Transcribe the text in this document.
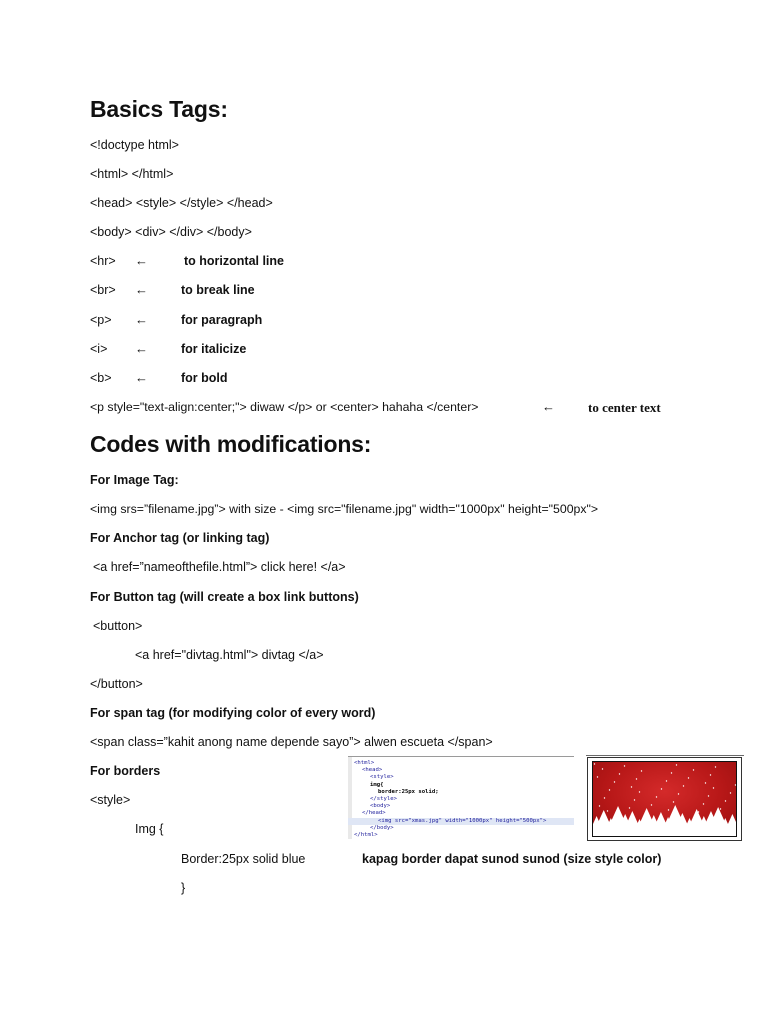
Basics Tags:
<!doctype html>
<html> </html>
<head> <style> </style> </head>
<body> <div> </div> </body>
<hr> ←	to horizontal line
<br> ←	to break line
<p> ←	for paragraph
<i> ←	for italicize
<b> ←	for bold
<p style="text-align:center;"> diwaw </p> or <center> hahaha </center>	←	to center text
Codes with modifications:
For Image Tag:
<img srs=”filename.jpg”> with size - <img src="filename.jpg" width="1000px" height="500px">
For Anchor tag (or linking tag)
<a href=”nameofthefile.html”> click here! </a>
For Button tag (will create a box link buttons)
<button>
<a href="divtag.html"> divtag </a>
</button>
For span tag (for modifying color of every word)
<span class=”kahit anong name depende sayo”> alwen escueta </span>
For borders
<style>
Img {
Border:25px solid blue	kapag border dapat sunod sunod (size style color)
}
<html>
<head>
<style>
img{
border:25px solid;
</style>
<body>
</head>
<img src="xmas.jpg" width="1000px" height="500px">
</body>
</html>
